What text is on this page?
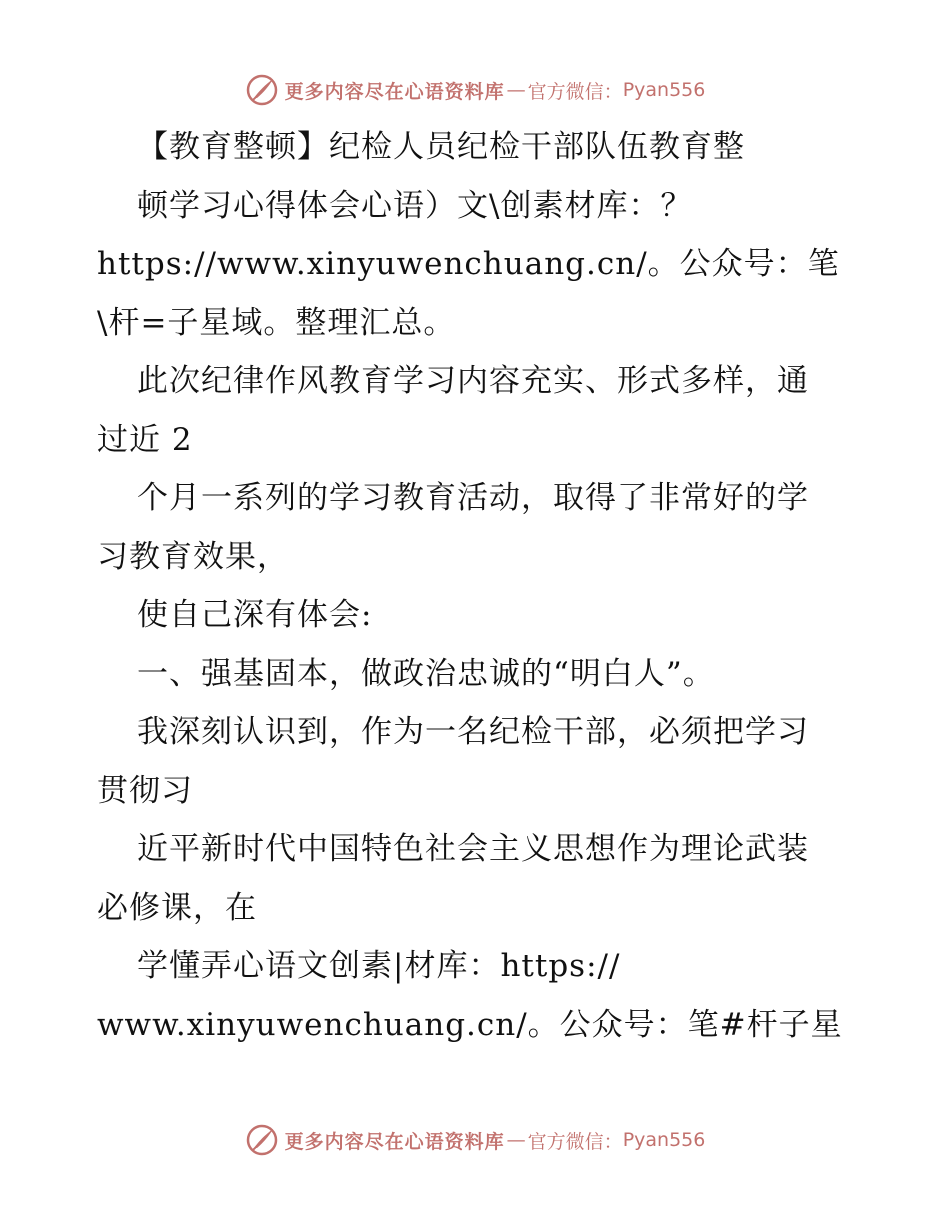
更多内容尽在心语资料库 — 官方微信： Pyan556
【教育整顿】纪检人员纪检干部队伍教育整
顿学习心得体会心语）文\创素材库：？
https://www.xinyuwenchuang.cn/。公众号：笔
\杆=子星域。整理汇总。
此次纪律作风教育学习内容充实、形式多样，通
过近 2
个月一系列的学习教育活动，取得了非常好的学
习教育效果，
使自己深有体会:
一、强基固本，做政治忠诚的“明白人”。
我深刻认识到，作为一名纪检干部，必须把学习
贯彻习
近平新时代中国特色社会主义思想作为理论武装
必修课，在
学懂弄心语文创素|材库：https://
www.xinyuwenchuang.cn/。公众号：笔#杆子星
更多内容尽在心语资料库 — 官方微信： Pyan556
